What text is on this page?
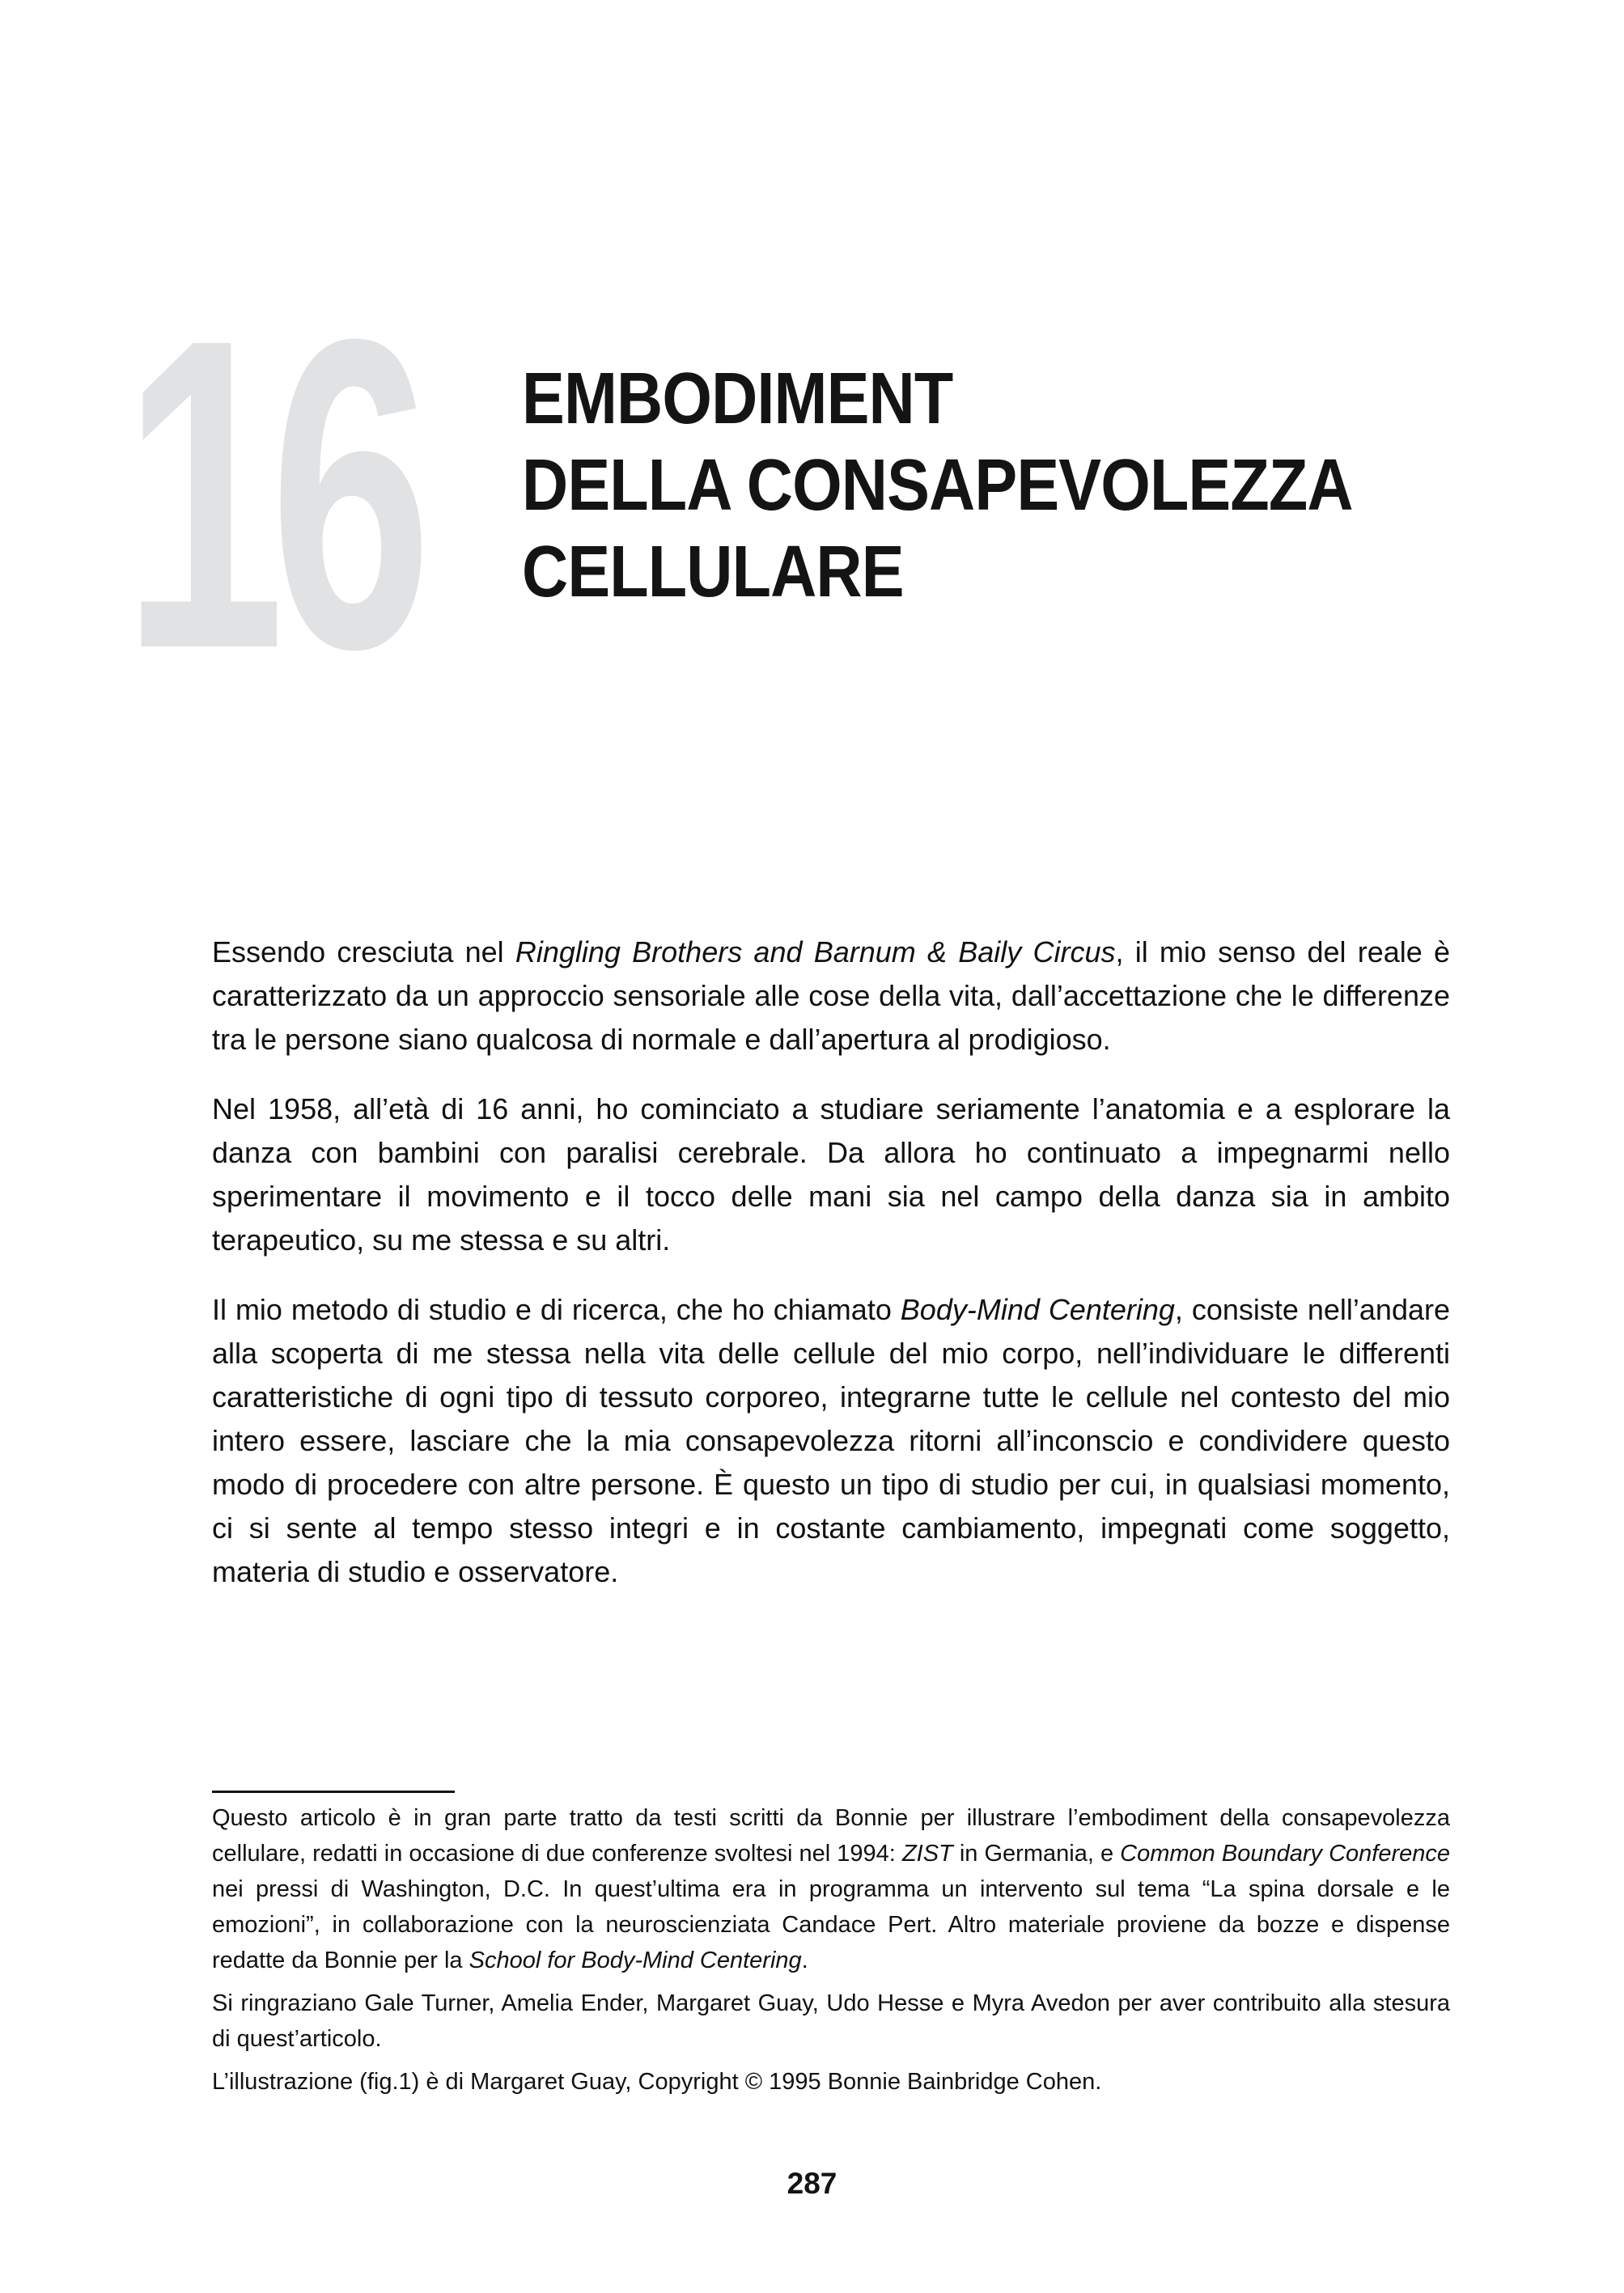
16 EMBODIMENT
DELLA CONSAPEVOLEZZA
CELLULARE

Essendo cresciuta nel Ringling Brothers and Barnum & Baily Circus, il mio senso del reale è caratterizzato da un approccio sensoriale alle cose della vita, dall’accettazione che le differenze tra le persone siano qualcosa di normale e dall’apertura al prodigioso.

Nel 1958, all’età di 16 anni, ho cominciato a studiare seriamente l’anatomia e a esplorare la danza con bambini con paralisi cerebrale. Da allora ho continuato a impegnarmi nello sperimentare il movimento e il tocco delle mani sia nel campo della danza sia in ambito terapeutico, su me stessa e su altri.

Il mio metodo di studio e di ricerca, che ho chiamato Body-Mind Centering, consiste nell’andare alla scoperta di me stessa nella vita delle cellule del mio corpo, nell’individuare le differenti caratteristiche di ogni tipo di tessuto corporeo, integrarne tutte le cellule nel contesto del mio intero essere, lasciare che la mia consapevolezza ritorni all’inconscio e condividere questo modo di procedere con altre persone. È questo un tipo di studio per cui, in qualsiasi momento, ci si sente al tempo stesso integri e in costante cambiamento, impegnati come soggetto, materia di studio e osservatore.

Questo articolo è in gran parte tratto da testi scritti da Bonnie per illustrare l’embodiment della consapevolezza cellulare, redatti in occasione di due conferenze svoltesi nel 1994: ZIST in Germania, e Common Boundary Conference nei pressi di Washington, D.C. In quest’ultima era in programma un intervento sul tema “La spina dorsale e le emozioni”, in collaborazione con la neuroscienziata Candace Pert. Altro materiale proviene da bozze e dispense redatte da Bonnie per la School for Body-Mind Centering.

Si ringraziano Gale Turner, Amelia Ender, Margaret Guay, Udo Hesse e Myra Avedon per aver contribuito alla stesura di quest’articolo.

L’illustrazione (fig.1) è di Margaret Guay, Copyright © 1995 Bonnie Bainbridge Cohen.

287
